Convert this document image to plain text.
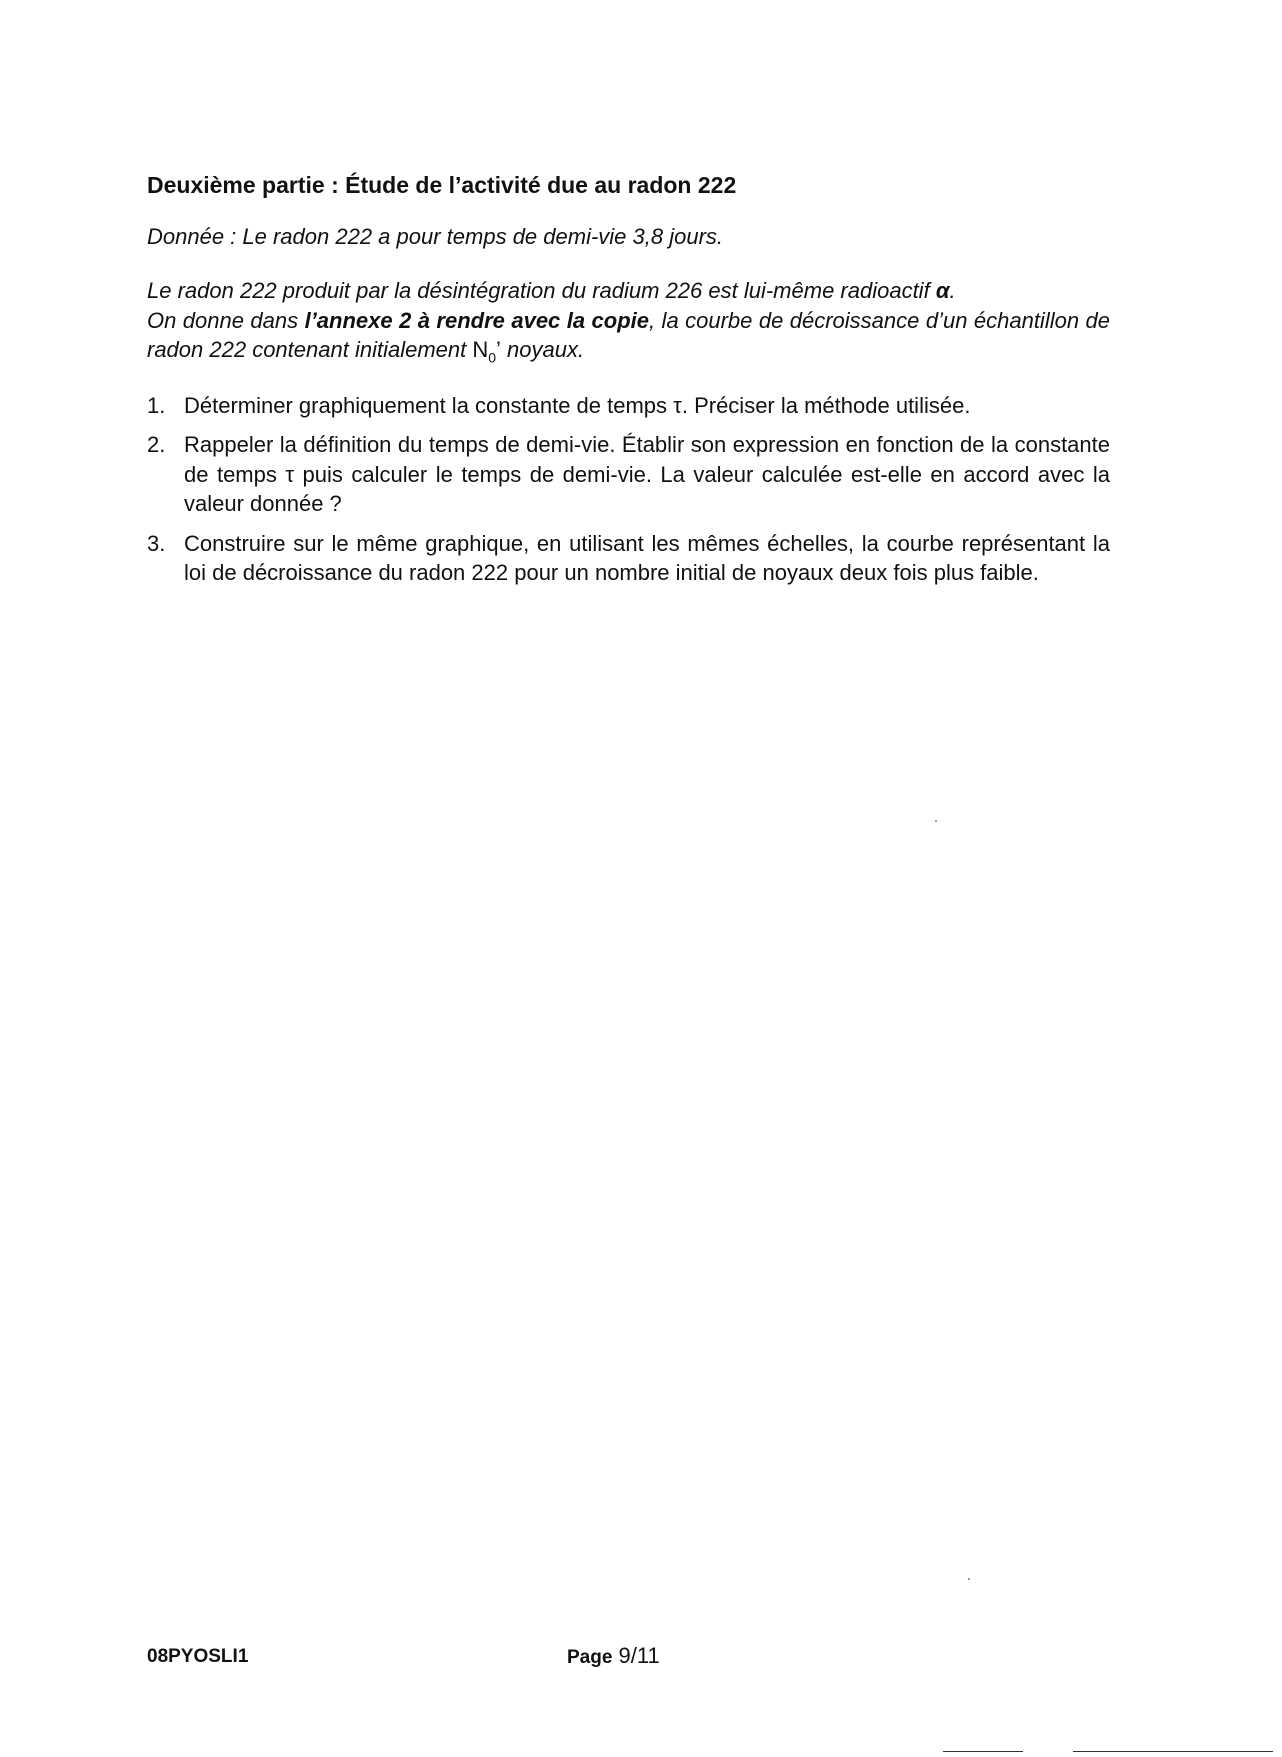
Deuxième partie : Étude de l’activité due au radon 222

Donnée : Le radon 222 a pour temps de demi-vie 3,8 jours.

Le radon 222 produit par la désintégration du radium 226 est lui-même radioactif α.
On donne dans l’annexe 2 à rendre avec la copie, la courbe de décroissance d’un échantillon de radon 222 contenant initialement $N_0$’ noyaux.

1. Déterminer graphiquement la constante de temps τ. Préciser la méthode utilisée.
2. Rappeler la définition du temps de demi-vie. Établir son expression en fonction de la constante de temps τ puis calculer le temps de demi-vie. La valeur calculée est-elle en accord avec la valeur donnée ?
3. Construire sur le même graphique, en utilisant les mêmes échelles, la courbe représentant la loi de décroissance du radon 222 pour un nombre initial de noyaux deux fois plus faible.
08PYOSLI1	Page 9/11
